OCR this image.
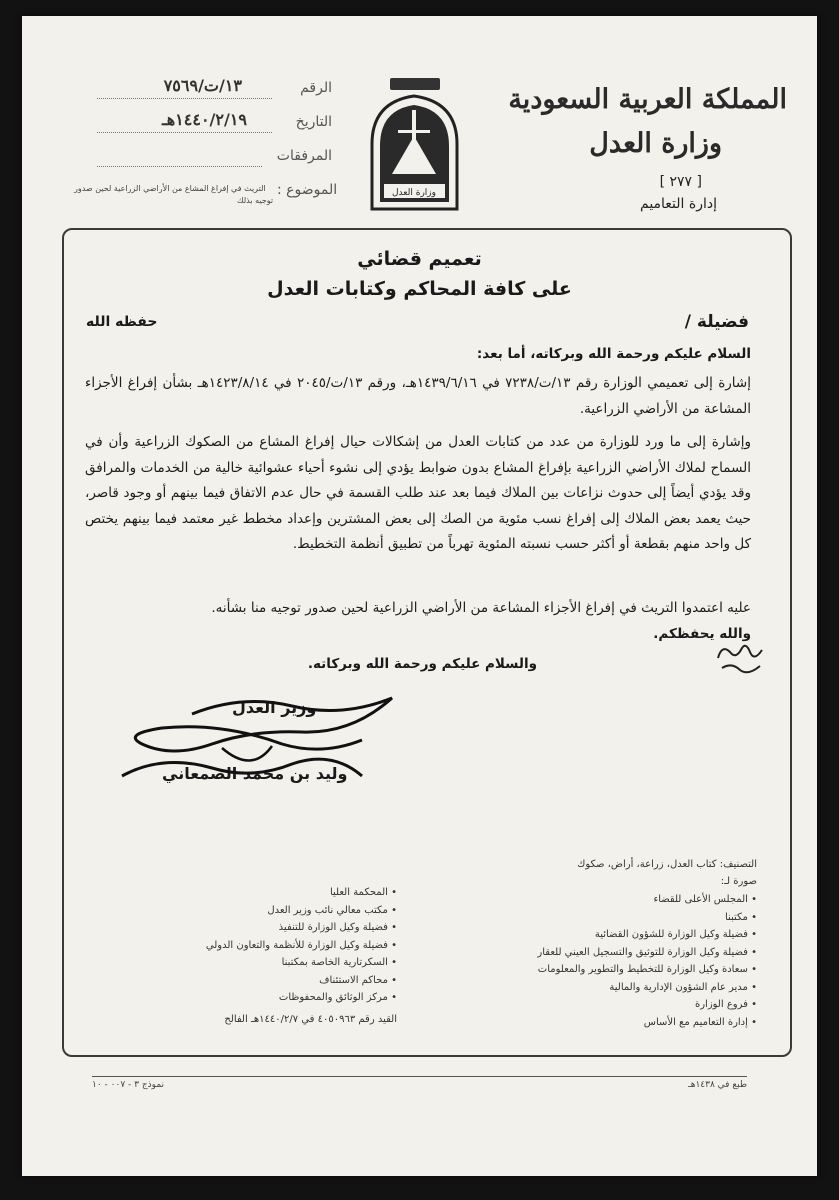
المملكة العربية السعودية
وزارة العدل
[ ٢٧٧ ]
إدارة التعاميم
وزارة العدل
الرقم
١٣/ت/٧٥٦٩
التاريخ
١٤٤٠/٢/١٩هـ
المرفقات
الموضوع :
التريث في إفراغ المشاع من الأراضي الزراعية لحين صدور
توجيه بذلك
تعميم قضائي
على كافة المحاكم وكتابات العدل
فضيلة /
حفظه الله
السلام عليكم ورحمة الله وبركاته، أما بعد:
إشارة إلى تعميمي الوزارة رقم ١٣/ت/٧٢٣٨ في ١٤٣٩/٦/١٦هـ، ورقم ١٣/ت/٢٠٤٥ في ١٤٢٣/٨/١٤هـ بشأن إفراغ الأجزاء المشاعة من الأراضي الزراعية.
وإشارة إلى ما ورد للوزارة من عدد من كتابات العدل من إشكالات حيال إفراغ المشاع من الصكوك الزراعية وأن في السماح لملاك الأراضي الزراعية بإفراغ المشاع بدون ضوابط يؤدي إلى نشوء أحياء عشوائية خالية من الخدمات والمرافق وقد يؤدي أيضاً إلى حدوث نزاعات بين الملاك فيما بعد عند طلب القسمة في حال عدم الاتفاق فيما بينهم أو وجود قاصر، حيث يعمد بعض الملاك إلى إفراغ نسب مئوية من الصك إلى بعض المشترين وإعداد مخطط غير معتمد فيما بينهم يختص كل واحد منهم بقطعة أو أكثر حسب نسبته المئوية تهرباً من تطبيق أنظمة التخطيط.
عليه اعتمدوا التريث في إفراغ الأجزاء المشاعة من الأراضي الزراعية لحين صدور توجيه منا بشأنه.
والله يحفظكم.
والسلام عليكم ورحمة الله وبركاته.
وزير العدل
وليد بن محمد الصمعاني
التصنيف: كتاب العدل، زراعة، أراض، صكوك
صورة لـ:
• المجلس الأعلى للقضاء
• مكتبنا
• فضيلة وكيل الوزارة للشؤون القضائية
• فضيلة وكيل الوزارة للتوثيق والتسجيل العيني للعقار
• سعادة وكيل الوزارة للتخطيط والتطوير والمعلومات
• مدير عام الشؤون الإدارية والمالية
• فروع الوزارة
• إدارة التعاميم مع الأساس
• المحكمة العليا
• مكتب معالي نائب وزير العدل
• فضيلة وكيل الوزارة للتنفيذ
• فضيلة وكيل الوزارة للأنظمة والتعاون الدولي
• السكرتارية الخاصة بمكتبنا
• محاكم الاستئناف
• مركز الوثائق والمحفوظات
القيد رقم ٤٠٥٠٩٦٣ في ١٤٤٠/٢/٧هـ الفالح
طبع في ١٤٣٨هـ
نموذج ٣ - ٠٠٧ - ١٠
